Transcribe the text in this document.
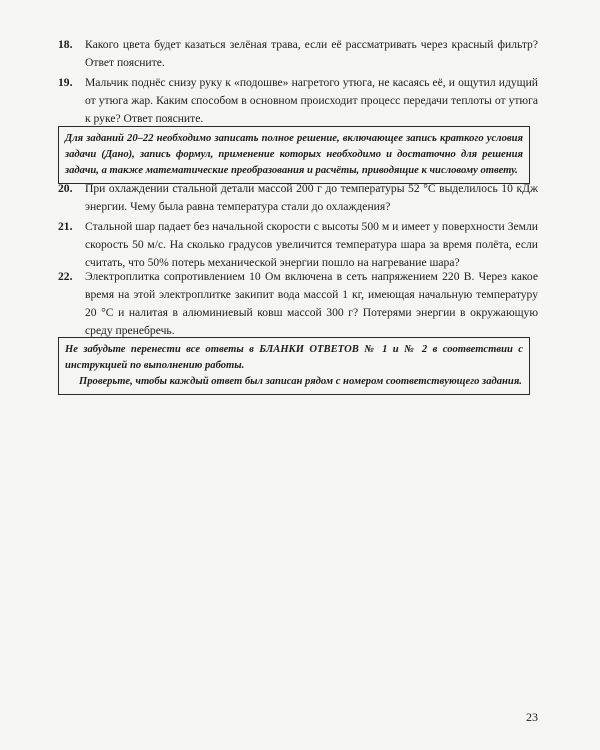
18. Какого цвета будет казаться зелёная трава, если её рассматривать через красный фильтр? Ответ поясните.
19. Мальчик поднёс снизу руку к «подошве» нагретого утюга, не касаясь её, и ощутил идущий от утюга жар. Каким способом в основном происходит процесс передачи теплоты от утюга к руке? Ответ поясните.

Для заданий 20–22 необходимо записать полное решение, включающее запись краткого условия задачи (Дано), запись формул, применение которых необходимо и достаточно для решения задачи, а также математические преобразования и расчёты, приводящие к числовому ответу.

20. При охлаждении стальной детали массой 200 г до температуры 52 °С выделилось 10 кДж энергии. Чему была равна температура стали до охлаждения?
21. Стальной шар падает без начальной скорости с высоты 500 м и имеет у поверхности Земли скорость 50 м/с. На сколько градусов увеличится температура шара за время полёта, если считать, что 50% потерь механической энергии пошло на нагревание шара?
22. Электроплитка сопротивлением 10 Ом включена в сеть напряжением 220 В. Через какое время на этой электроплитке закипит вода массой 1 кг, имеющая начальную температуру 20 °С и налитая в алюминиевый ковш массой 300 г? Потерями энергии в окружающую среду пренебречь.

Не забудьте перенести все ответы в БЛАНКИ ОТВЕТОВ № 1 и № 2 в соответствии с инструкцией по выполнению работы.

Проверьте, чтобы каждый ответ был записан рядом с номером соответствующего задания.

23
